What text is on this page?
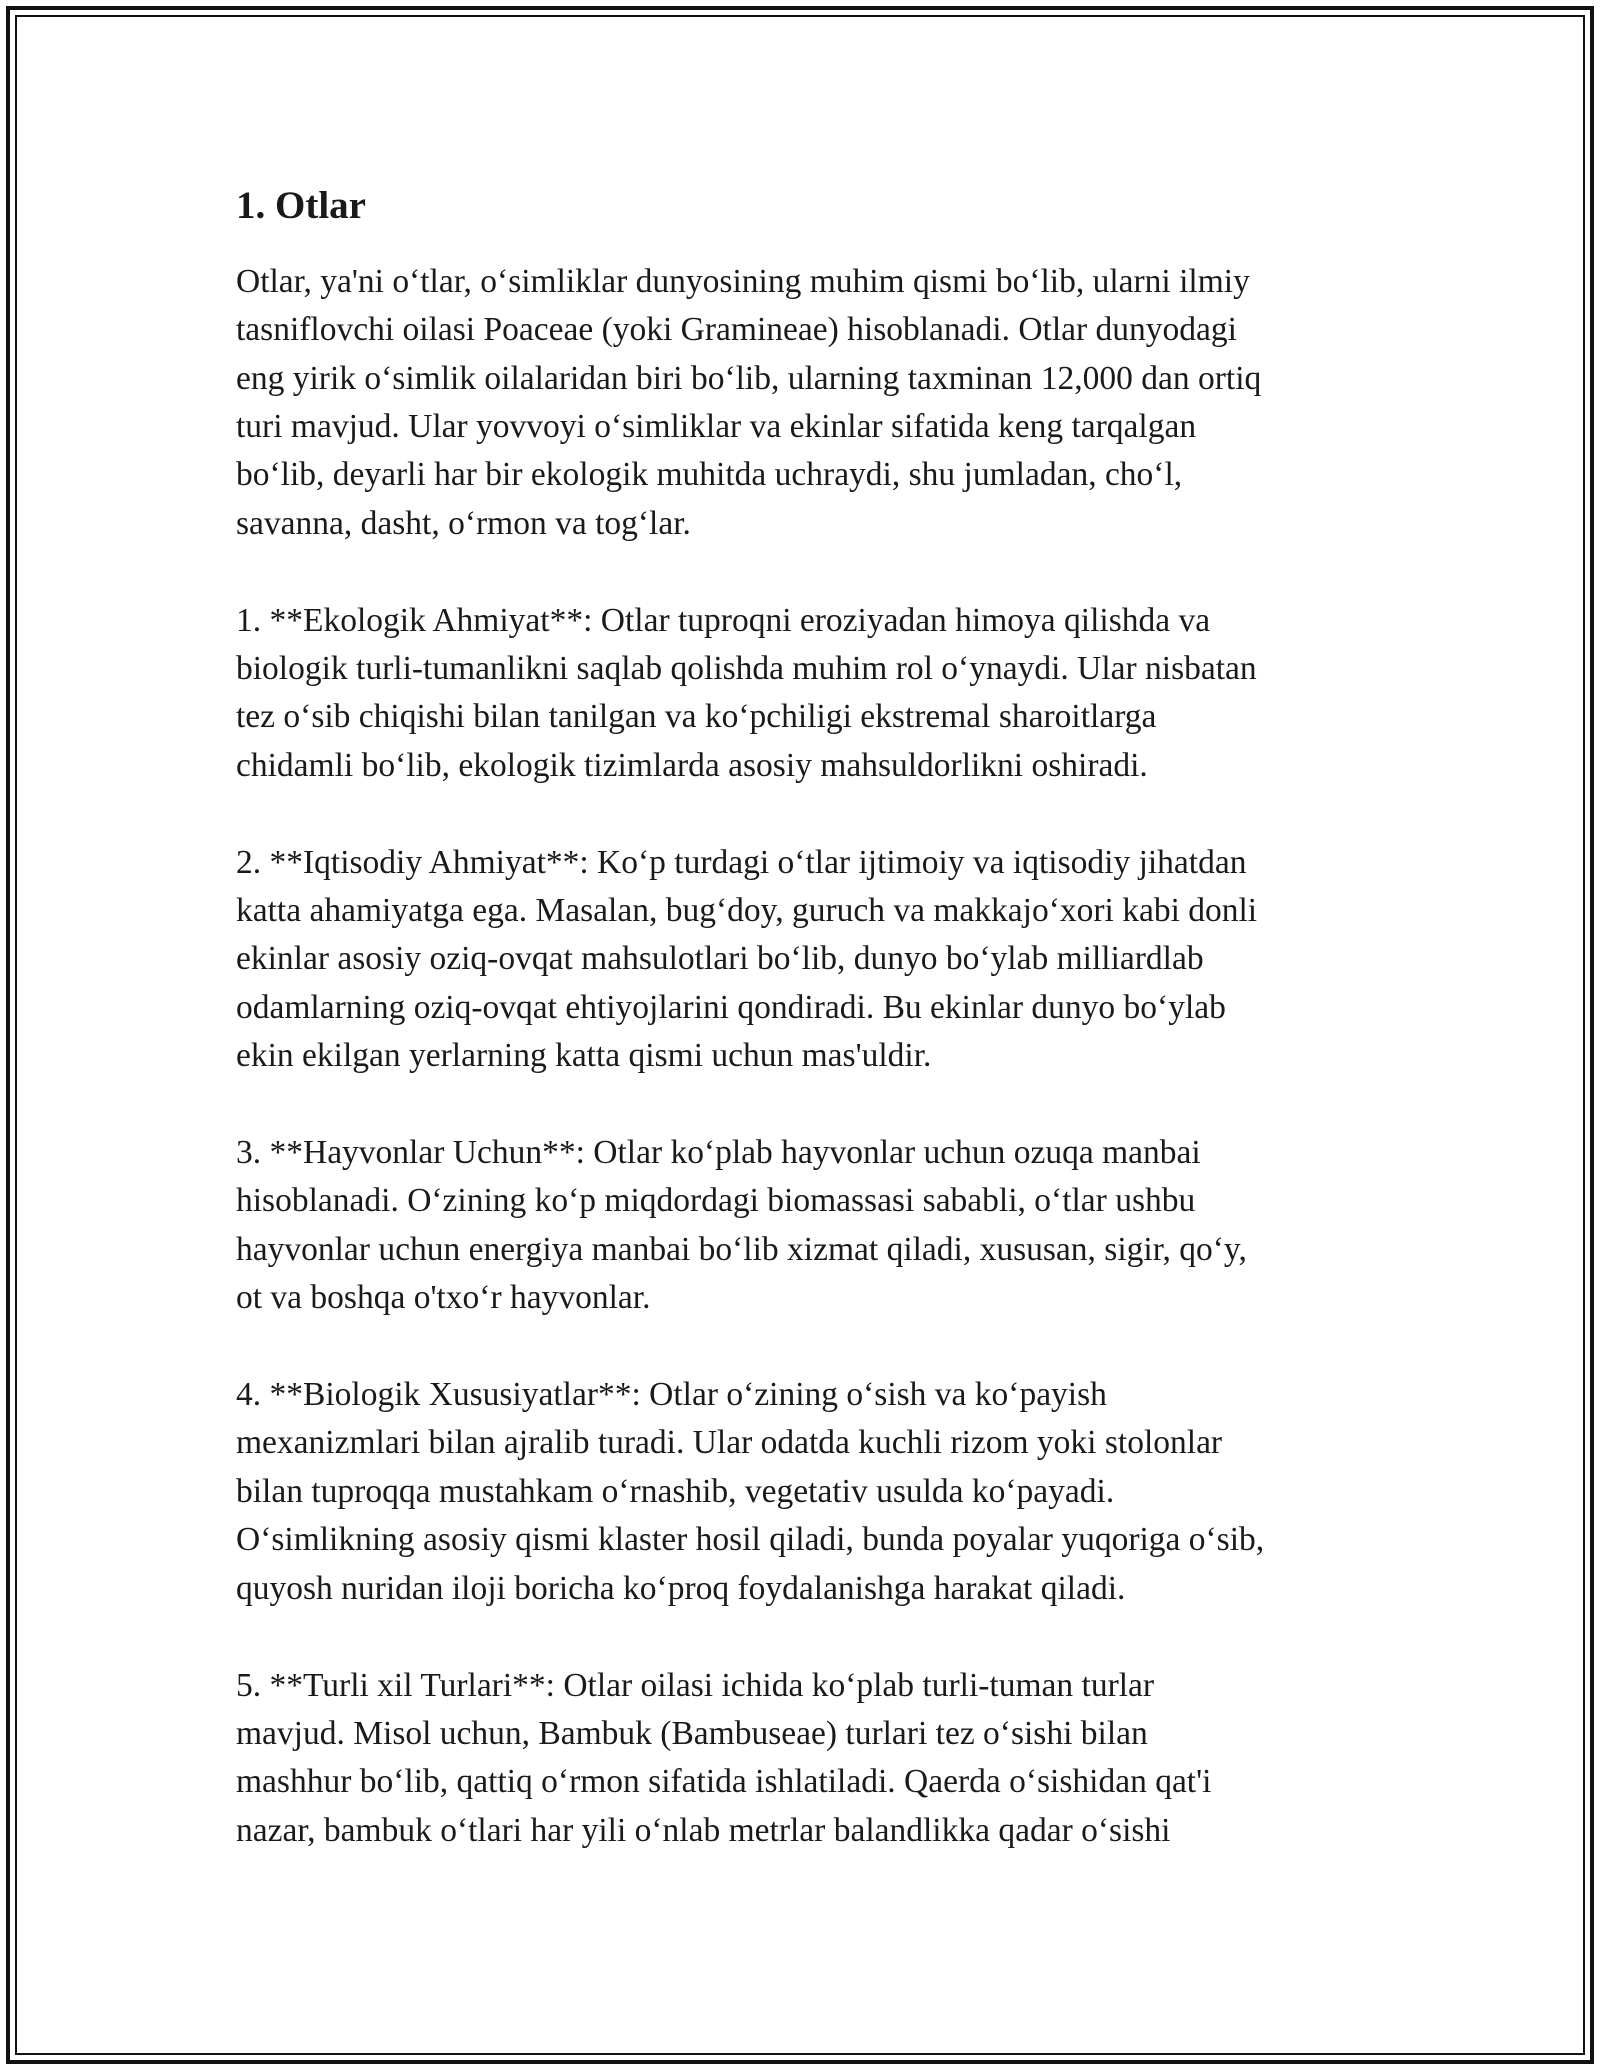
1. Otlar

Otlar, ya'ni o‘tlar, o‘simliklar dunyosining muhim qismi bo‘lib, ularni ilmiy
tasniflovchi oilasi Poaceae (yoki Gramineae) hisoblanadi. Otlar dunyodagi
eng yirik o‘simlik oilalaridan biri bo‘lib, ularning taxminan 12,000 dan ortiq
turi mavjud. Ular yovvoyi o‘simliklar va ekinlar sifatida keng tarqalgan
bo‘lib, deyarli har bir ekologik muhitda uchraydi, shu jumladan, cho‘l,
savanna, dasht, o‘rmon va tog‘lar.

1. **Ekologik Ahmiyat**: Otlar tuproqni eroziyadan himoya qilishda va
biologik turli-tumanlikni saqlab qolishda muhim rol o‘ynaydi. Ular nisbatan
tez o‘sib chiqishi bilan tanilgan va ko‘pchiligi ekstremal sharoitlarga
chidamli bo‘lib, ekologik tizimlarda asosiy mahsuldorlikni oshiradi.

2. **Iqtisodiy Ahmiyat**: Ko‘p turdagi o‘tlar ijtimoiy va iqtisodiy jihatdan
katta ahamiyatga ega. Masalan, bug‘doy, guruch va makkajo‘xori kabi donli
ekinlar asosiy oziq-ovqat mahsulotlari bo‘lib, dunyo bo‘ylab milliardlab
odamlarning oziq-ovqat ehtiyojlarini qondiradi. Bu ekinlar dunyo bo‘ylab
ekin ekilgan yerlarning katta qismi uchun mas'uldir.

3. **Hayvonlar Uchun**: Otlar ko‘plab hayvonlar uchun ozuqa manbai
hisoblanadi. O‘zining ko‘p miqdordagi biomassasi sababli, o‘tlar ushbu
hayvonlar uchun energiya manbai bo‘lib xizmat qiladi, xususan, sigir, qo‘y,
ot va boshqa o'txo‘r hayvonlar.

4. **Biologik Xususiyatlar**: Otlar o‘zining o‘sish va ko‘payish
mexanizmlari bilan ajralib turadi. Ular odatda kuchli rizom yoki stolonlar
bilan tuproqqa mustahkam o‘rnashib, vegetativ usulda ko‘payadi.
O‘simlikning asosiy qismi klaster hosil qiladi, bunda poyalar yuqoriga o‘sib,
quyosh nuridan iloji boricha ko‘proq foydalanishga harakat qiladi.

5. **Turli xil Turlari**: Otlar oilasi ichida ko‘plab turli-tuman turlar
mavjud. Misol uchun, Bambuk (Bambuseae) turlari tez o‘sishi bilan
mashhur bo‘lib, qattiq o‘rmon sifatida ishlatiladi. Qaerda o‘sishidan qat'i
nazar, bambuk o‘tlari har yili o‘nlab metrlar balandlikka qadar o‘sishi
